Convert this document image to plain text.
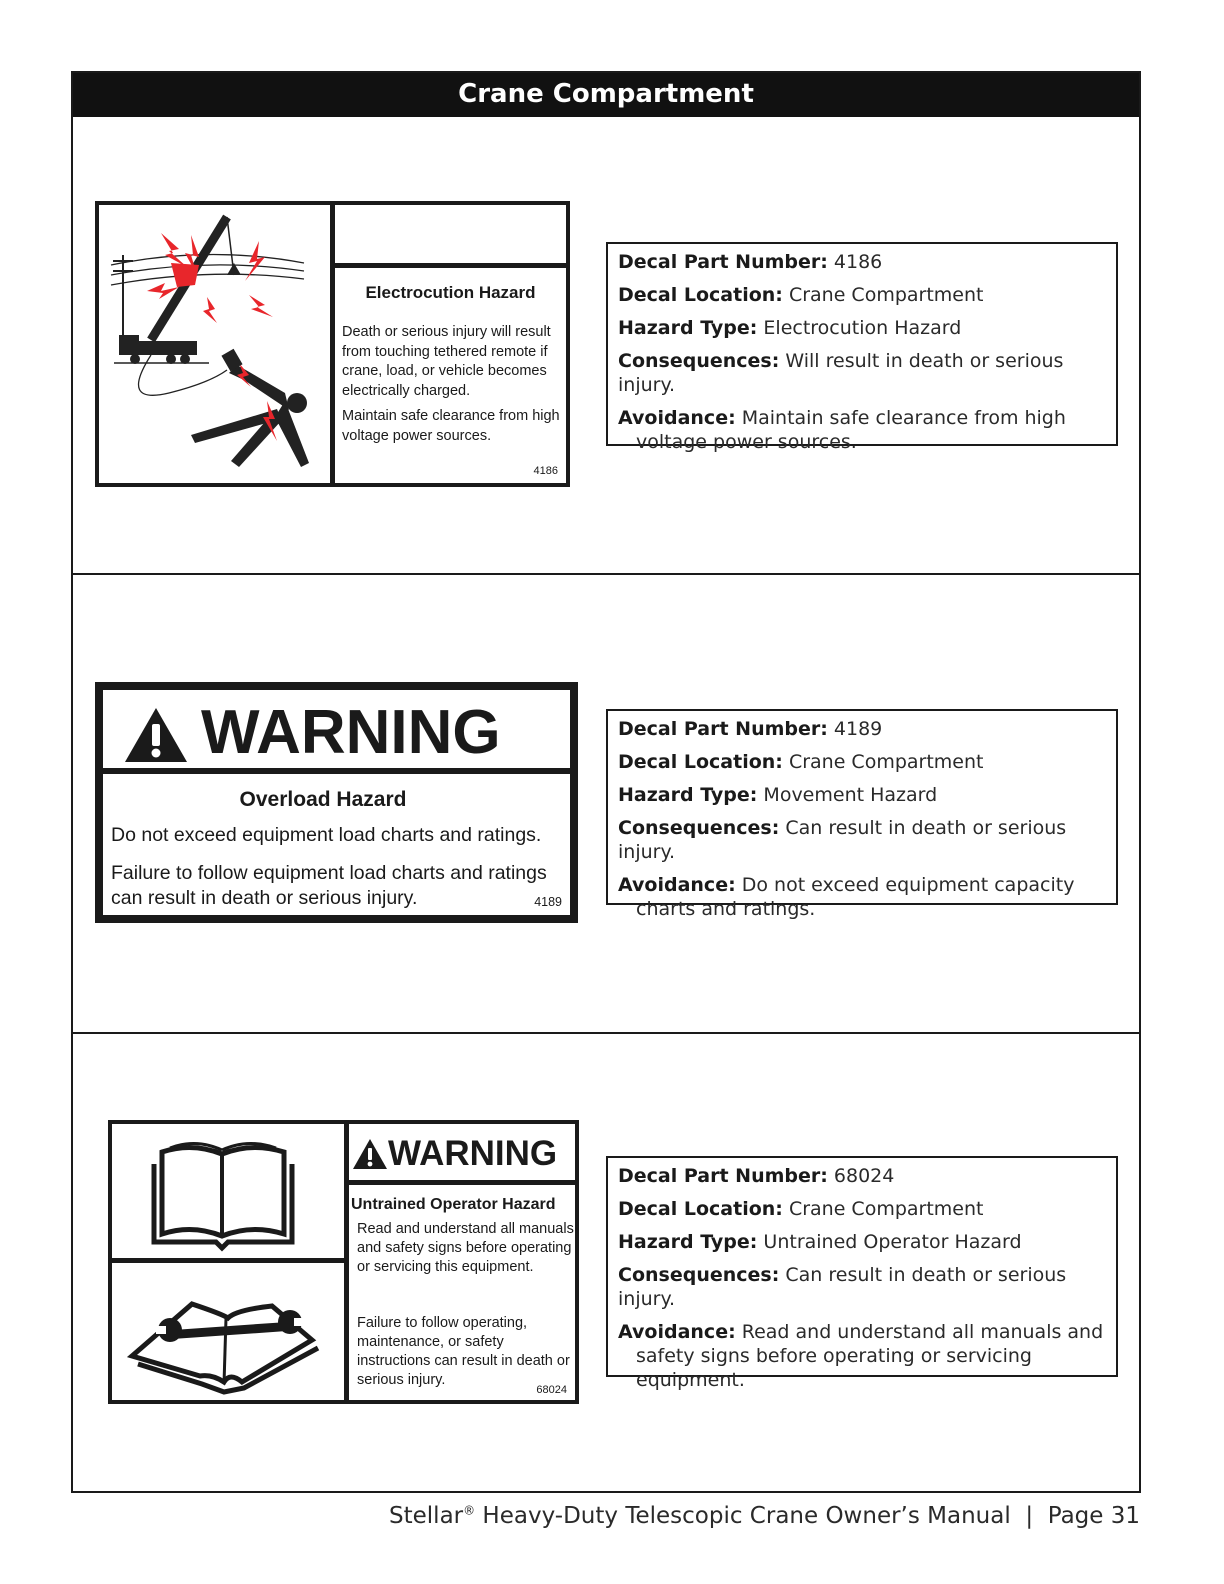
Crane Compartment
Electrocution Hazard
Death or serious injury will result from touching tethered remote if crane, load, or vehicle becomes electrically charged.
Maintain safe clearance from high voltage power sources.
4186
Decal Part Number: 4186
Decal Location: Crane Compartment
Hazard Type: Electrocution Hazard
Consequences: Will result in death or serious injury.
Avoidance: Maintain safe clearance from high voltage power sources.
WARNING
Overload Hazard
Do not exceed equipment load charts and ratings.
Failure to follow equipment load charts and ratings can result in death or serious injury.	4189
Decal Part Number: 4189
Decal Location: Crane Compartment
Hazard Type: Movement Hazard
Consequences: Can result in death or serious injury.
Avoidance: Do not exceed equipment capacity charts and ratings.
WARNING
Untrained Operator Hazard
Read and understand all manuals and safety signs before operating or servicing this equipment.
Failure to follow operating, maintenance, or safety instructions can result in death or serious injury.
68024
Decal Part Number: 68024
Decal Location: Crane Compartment
Hazard Type: Untrained Operator Hazard
Consequences: Can result in death or serious injury.
Avoidance: Read and understand all manuals and safety signs before operating or servicing equipment.
Stellar® Heavy-Duty Telescopic Crane Owner’s Manual | Page 31
